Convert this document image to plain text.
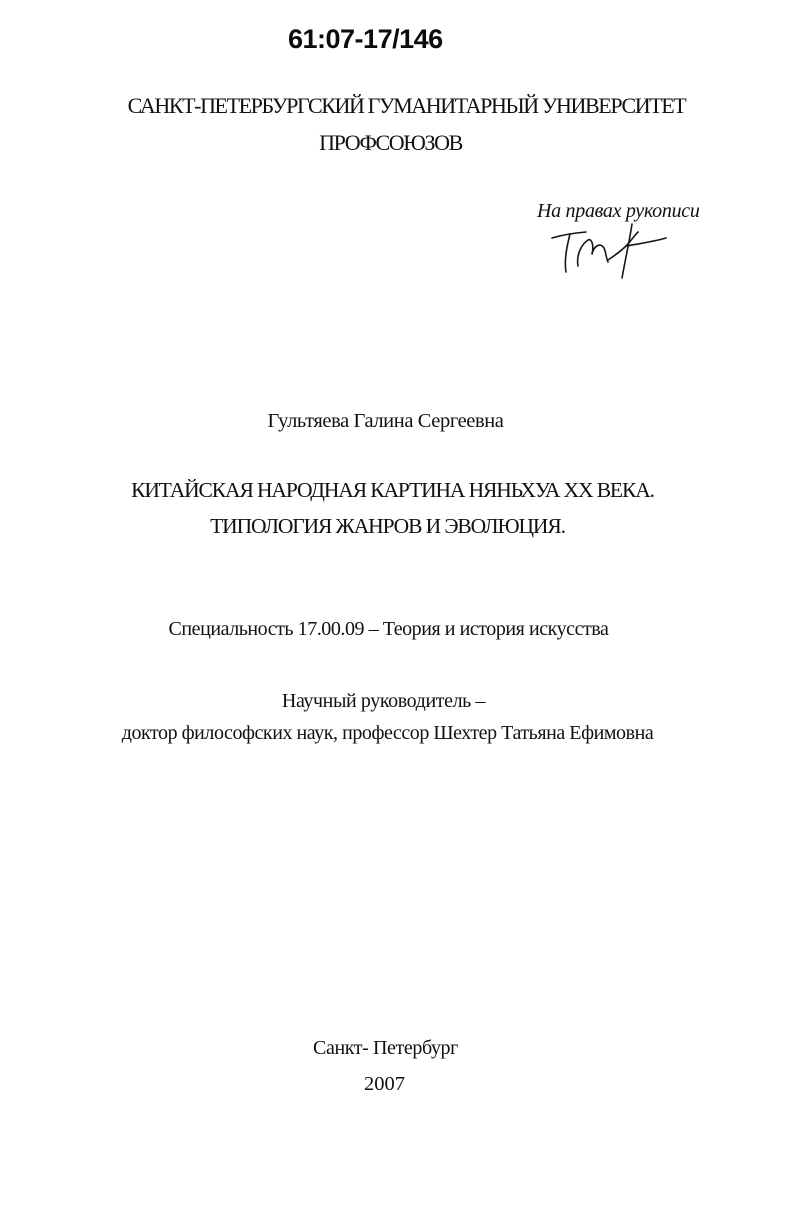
61:07-17/146
САНКТ-ПЕТЕРБУРГСКИЙ ГУМАНИТАРНЫЙ УНИВЕРСИТЕТ
ПРОФСОЮЗОВ
На правах рукописи
Гультяева Галина Сергеевна
КИТАЙСКАЯ НАРОДНАЯ КАРТИНА НЯНЬХУА XX ВЕКА.
ТИПОЛОГИЯ ЖАНРОВ И ЭВОЛЮЦИЯ.
Специальность 17.00.09 – Теория и история искусства
Научный руководитель –
доктор философских наук, профессор Шехтер Татьяна Ефимовна
Санкт- Петербург
2007
